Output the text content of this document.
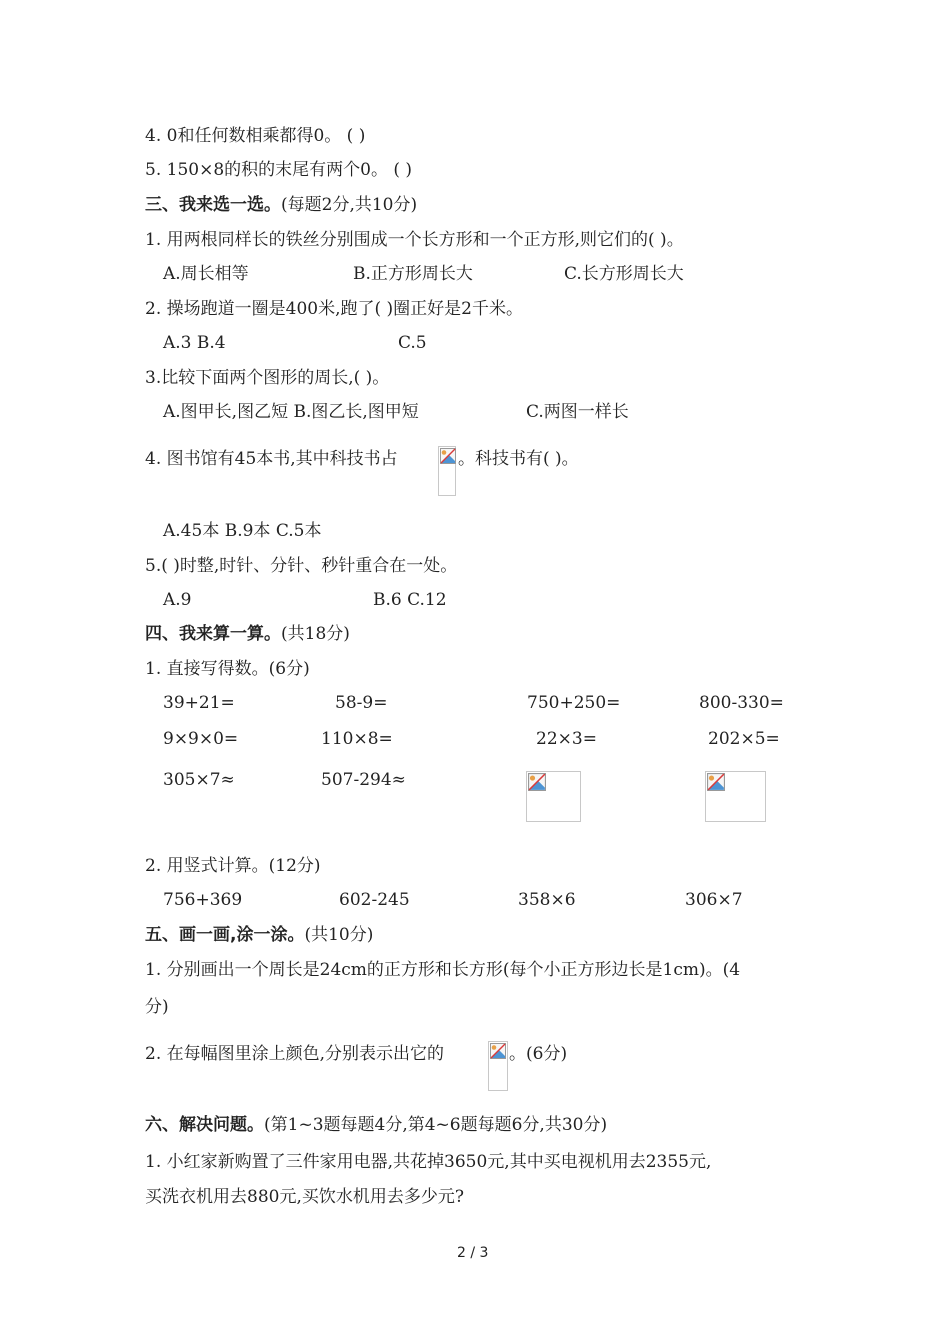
4. 0和任何数相乘都得0。 ( )
5. 150×8的积的末尾有两个0。 ( )
三、我来选一选。(每题2分,共10分)
1. 用两根同样长的铁丝分别围成一个长方形和一个正方形,则它们的( )。
A.周长相等	B.正方形周长大	C.长方形周长大
2. 操场跑道一圈是400米,跑了( )圈正好是2千米。
A.3 B.4	C.5
3.比较下面两个图形的周长,( )。
A.图甲长,图乙短 B.图乙长,图甲短	C.两图一样长
4. 图书馆有45本书,其中科技书占	。科技书有( )。
A.45本 B.9本 C.5本
5.( )时整,时针、分针、秒针重合在一处。
A.9	B.6 C.12
四、我来算一算。(共18分)
1. 直接写得数。(6分)
39+21=	58-9=	750+250=	800-330=
9×9×0=	110×8=	22×3=	202×5=
305×7≈	507-294≈
2. 用竖式计算。(12分)
756+369	602-245	358×6	306×7
五、画一画,涂一涂。(共10分)
1. 分别画出一个周长是24cm的正方形和长方形(每个小正方形边长是1cm)。(4
分)
2. 在每幅图里涂上颜色,分别表示出它的	。(6分)
六、解决问题。(第1~3题每题4分,第4~6题每题6分,共30分)
1. 小红家新购置了三件家用电器,共花掉3650元,其中买电视机用去2355元,
买洗衣机用去880元,买饮水机用去多少元?
2 / 3
